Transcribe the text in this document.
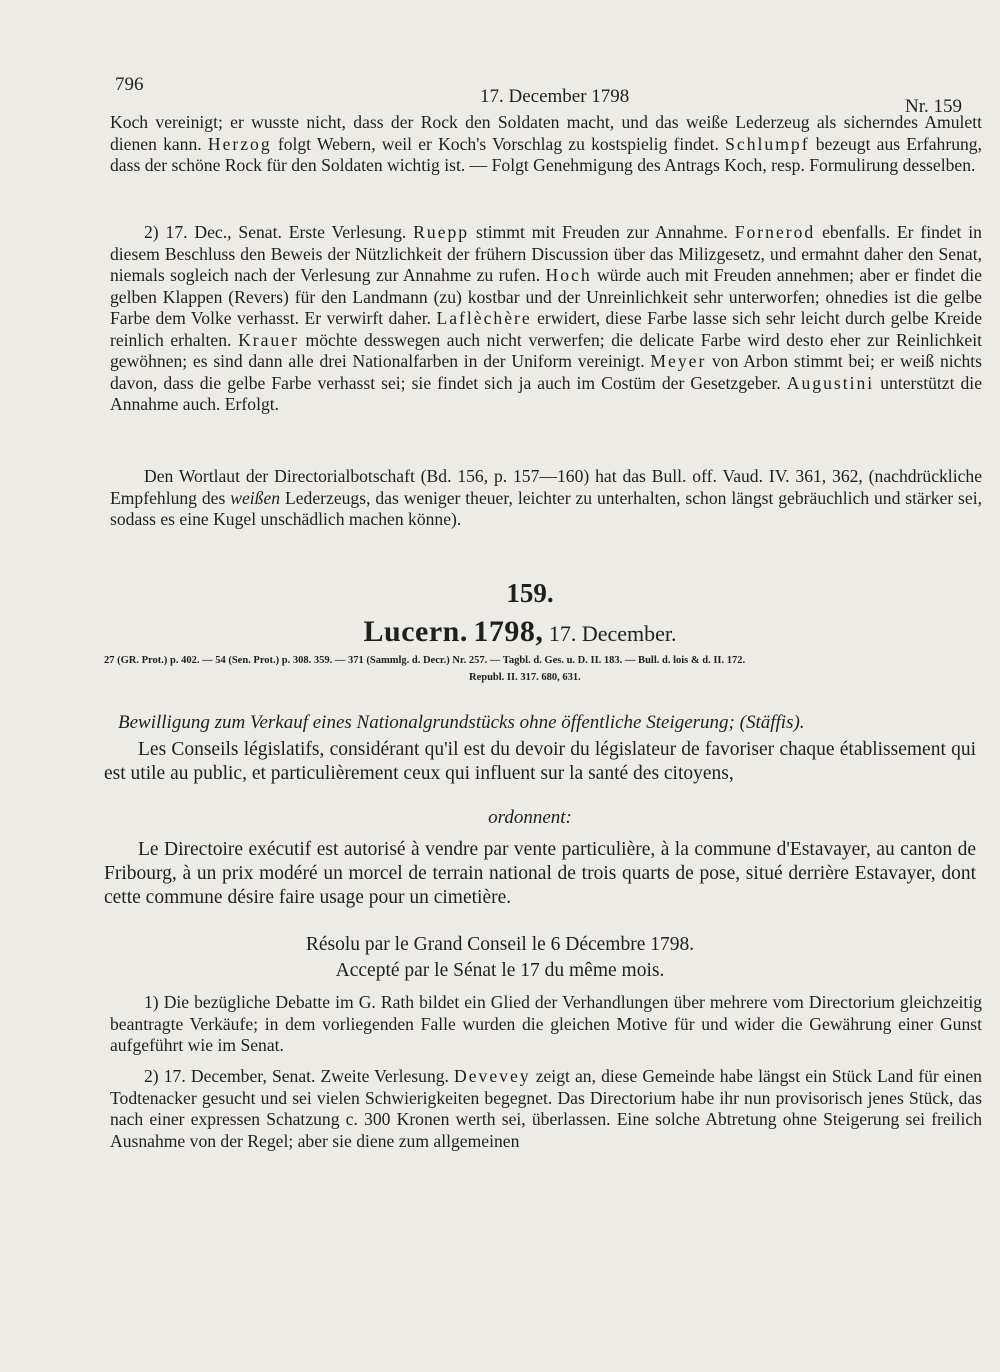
796
17. December 1798	Nr. 159

Koch vereinigt; er wusste nicht, dass der Rock den Soldaten macht, und das weiße Lederzeug als sicherndes Amulett dienen kann. Herzog folgt Webern, weil er Koch's Vorschlag zu kostspielig findet. Schlumpf bezeugt aus Erfahrung, dass der schöne Rock für den Soldaten wichtig ist. — Folgt Genehmigung des Antrags Koch, resp. Formulirung desselben.

2) 17. Dec., Senat. Erste Verlesung. Ruepp stimmt mit Freuden zur Annahme. Fornerod ebenfalls. Er findet in diesem Beschluss den Beweis der Nützlichkeit der frühern Discussion über das Milizgesetz, und ermahnt daher den Senat, niemals sogleich nach der Verlesung zur Annahme zu rufen. Hoch würde auch mit Freuden annehmen; aber er findet die gelben Klappen (Revers) für den Landmann (zu) kostbar und der Unreinlichkeit sehr unterworfen; ohnedies ist die gelbe Farbe dem Volke verhasst. Er verwirft daher. Laflèchère erwidert, diese Farbe lasse sich sehr leicht durch gelbe Kreide reinlich erhalten. Krauer möchte desswegen auch nicht verwerfen; die delicate Farbe wird desto eher zur Reinlichkeit gewöhnen; es sind dann alle drei Nationalfarben in der Uniform vereinigt. Meyer von Arbon stimmt bei; er weiß nichts davon, dass die gelbe Farbe verhasst sei; sie findet sich ja auch im Costüm der Gesetzgeber. Augustini unterstützt die Annahme auch. Erfolgt.

Den Wortlaut der Directorialbotschaft (Bd. 156, p. 157—160) hat das Bull. off. Vaud. IV. 361, 362, (nachdrückliche Empfehlung des weißen Lederzeugs, das weniger theuer, leichter zu unterhalten, schon längst gebräuchlich und stärker sei, sodass es eine Kugel unschädlich machen könne).

159.
Lucern. 1798, 17. December.
27 (GR. Prot.) p. 402. — 54 (Sen. Prot.) p. 308. 359. — 371 (Sammlg. d. Decr.) Nr. 257. — Tagbl. d. Ges. u. D. II. 183. — Bull. d. lois & d. II. 172.
Republ. II. 317. 680, 631.
Bewilligung zum Verkauf eines Nationalgrundstücks ohne öffentliche Steigerung; (Stäffis).

Les Conseils législatifs, considérant qu'il est du devoir du législateur de favoriser chaque établissement qui est utile au public, et particulièrement ceux qui influent sur la santé des citoyens,

ordonnent:

Le Directoire exécutif est autorisé à vendre par vente particulière, à la commune d'Estavayer, au canton de Fribourg, à un prix modéré un morcel de terrain national de trois quarts de pose, situé derrière Estavayer, dont cette commune désire faire usage pour un cimetière.

Résolu par le Grand Conseil le 6 Décembre 1798.
Accepté par le Sénat le 17 du même mois.

1) Die bezügliche Debatte im G. Rath bildet ein Glied der Verhandlungen über mehrere vom Directorium gleichzeitig beantragte Verkäufe; in dem vorliegenden Falle wurden die gleichen Motive für und wider die Gewährung einer Gunst aufgeführt wie im Senat.

2) 17. December, Senat. Zweite Verlesung. Devevey zeigt an, diese Gemeinde habe längst ein Stück Land für einen Todtenacker gesucht und sei vielen Schwierigkeiten begegnet. Das Directorium habe ihr nun provisorisch jenes Stück, das nach einer expressen Schatzung c. 300 Kronen werth sei, überlassen. Eine solche Abtretung ohne Steigerung sei freilich Ausnahme von der Regel; aber sie diene zum allgemeinen
